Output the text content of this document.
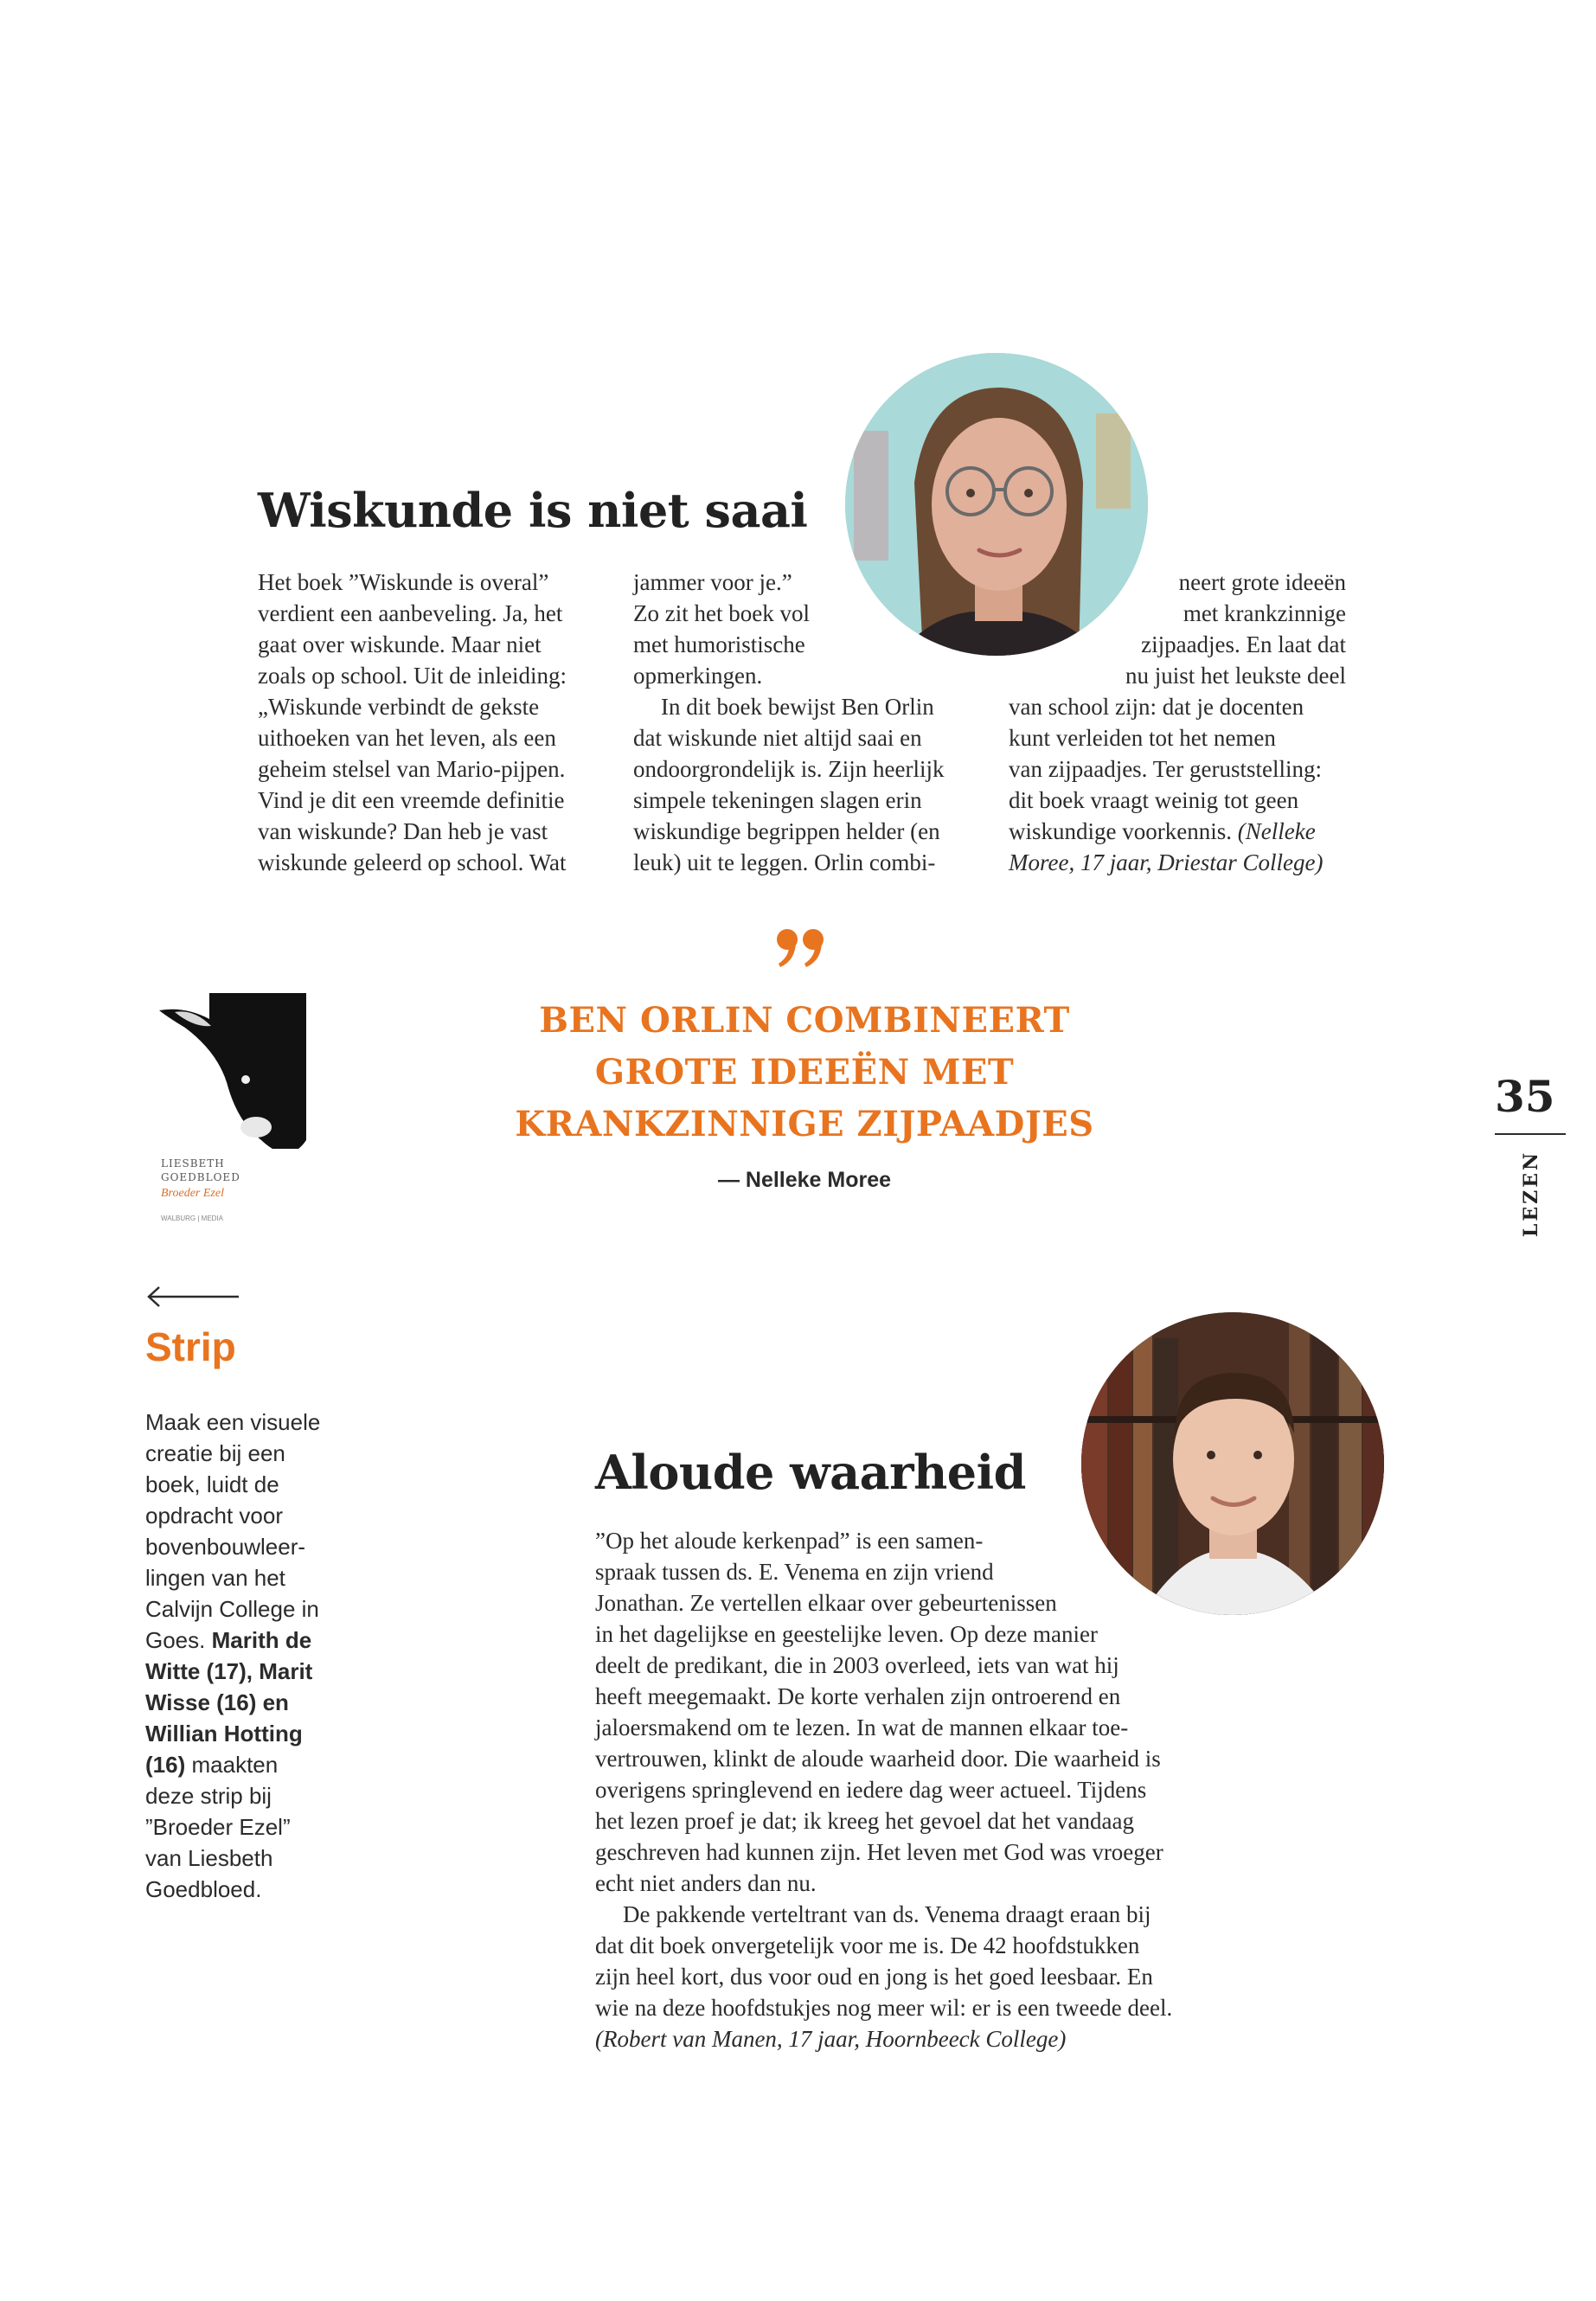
Wiskunde is niet saai
Het boek ”Wiskunde is overal”
verdient een aanbeveling. Ja, het
gaat over wiskunde. Maar niet
zoals op school. Uit de inleiding:
„Wiskunde verbindt de gekste
uithoeken van het leven, als een
geheim stelsel van Mario-pijpen.
Vind je dit een vreemde definitie
van wiskunde? Dan heb je vast
wiskunde geleerd op school. Wat
jammer voor je.”
Zo zit het boek vol
met humoristische
opmerkingen.
In dit boek bewijst Ben Orlin
dat wiskunde niet altijd saai en
ondoorgrondelijk is. Zijn heerlijk
simpele tekeningen slagen erin
wiskundige begrippen helder (en
leuk) uit te leggen. Orlin combi-
neert grote ideeën
met krankzinnige
zijpaadjes. En laat dat
nu juist het leukste deel
van school zijn: dat je docenten
kunt verleiden tot het nemen
van zijpaadjes. Ter geruststelling:
dit boek vraagt weinig tot geen
wiskundige voorkennis. (Nelleke
Moree, 17 jaar, Driestar College)
BEN ORLIN COMBINEERT
GROTE IDEEËN MET
KRANKZINNIGE ZIJPAADJES
— Nelleke Moree
LIESBETH
GOEDBLOED
Broeder Ezel
WALBURG | MEDIA
Strip
Maak een visuele
creatie bij een
boek, luidt de
opdracht voor
bovenbouwleer-
lingen van het
Calvijn College in
Goes. Marith de
Witte (17), Marit
Wisse (16) en
Willian Hotting
(16) maakten
deze strip bij
”Broeder Ezel”
van Liesbeth
Goedbloed.
Aloude waarheid
”Op het aloude kerkenpad” is een samen-
spraak tussen ds. E. Venema en zijn vriend
Jonathan. Ze vertellen elkaar over gebeurtenissen
in het dagelijkse en geestelijke leven. Op deze manier
deelt de predikant, die in 2003 overleed, iets van wat hij
heeft meegemaakt. De korte verhalen zijn ontroerend en
jaloersmakend om te lezen. In wat de mannen elkaar toe-
vertrouwen, klinkt de aloude waarheid door. Die waarheid is
overigens springlevend en iedere dag weer actueel. Tijdens
het lezen proef je dat; ik kreeg het gevoel dat het vandaag
geschreven had kunnen zijn. Het leven met God was vroeger
echt niet anders dan nu.
De pakkende verteltrant van ds. Venema draagt eraan bij
dat dit boek onvergetelijk voor me is. De 42 hoofdstukken
zijn heel kort, dus voor oud en jong is het goed leesbaar. En
wie na deze hoofdstukjes nog meer wil: er is een tweede deel.
(Robert van Manen, 17 jaar, Hoornbeeck College)
35
LEZEN
